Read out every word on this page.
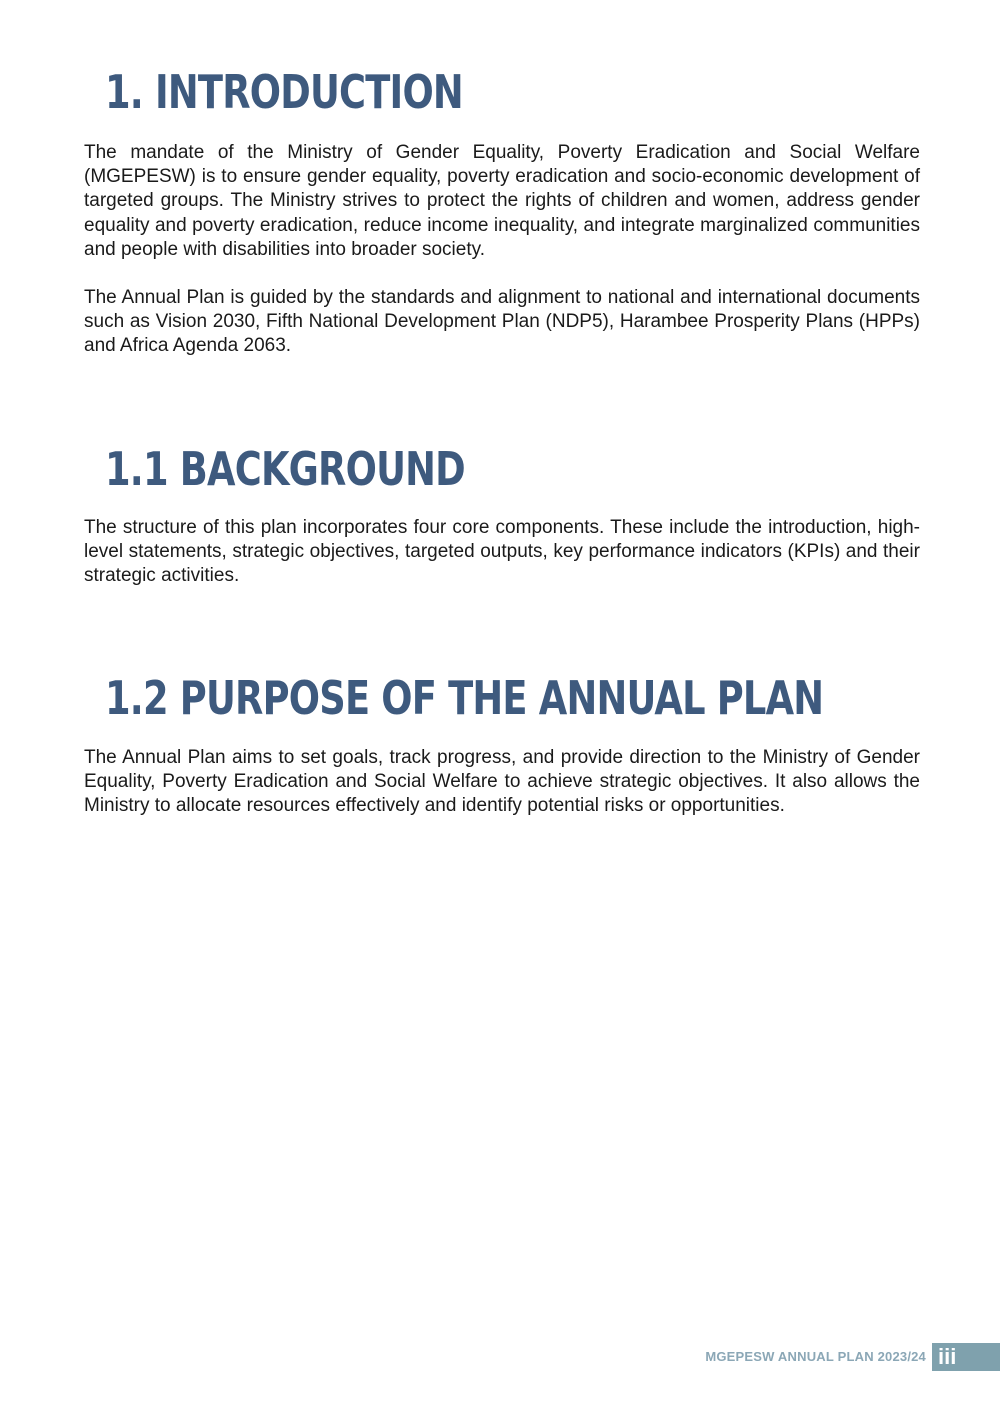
1. INTRODUCTION

The mandate of the Ministry of Gender Equality, Poverty Eradication and Social Welfare (MGEPESW) is to ensure gender equality, poverty eradication and socio-economic development of targeted groups. The Ministry strives to protect the rights of children and women, address gender equality and poverty eradication, reduce income inequality, and integrate marginalized communities and people with disabilities into broader society.

The Annual Plan is guided by the standards and alignment to national and international documents such as Vision 2030, Fifth National Development Plan (NDP5), Harambee Prosperity Plans (HPPs) and Africa Agenda 2063.

1.1 BACKGROUND

The structure of this plan incorporates four core components. These include the introduction, high-level statements, strategic objectives, targeted outputs, key performance indicators (KPIs) and their strategic activities.

1.2 PURPOSE OF THE ANNUAL PLAN

The Annual Plan aims to set goals, track progress, and provide direction to the Ministry of Gender Equality, Poverty Eradication and Social Welfare to achieve strategic objectives. It also allows the Ministry to allocate resources effectively and identify potential risks or opportunities.

MGEPESW ANNUAL PLAN 2023/24 iii
